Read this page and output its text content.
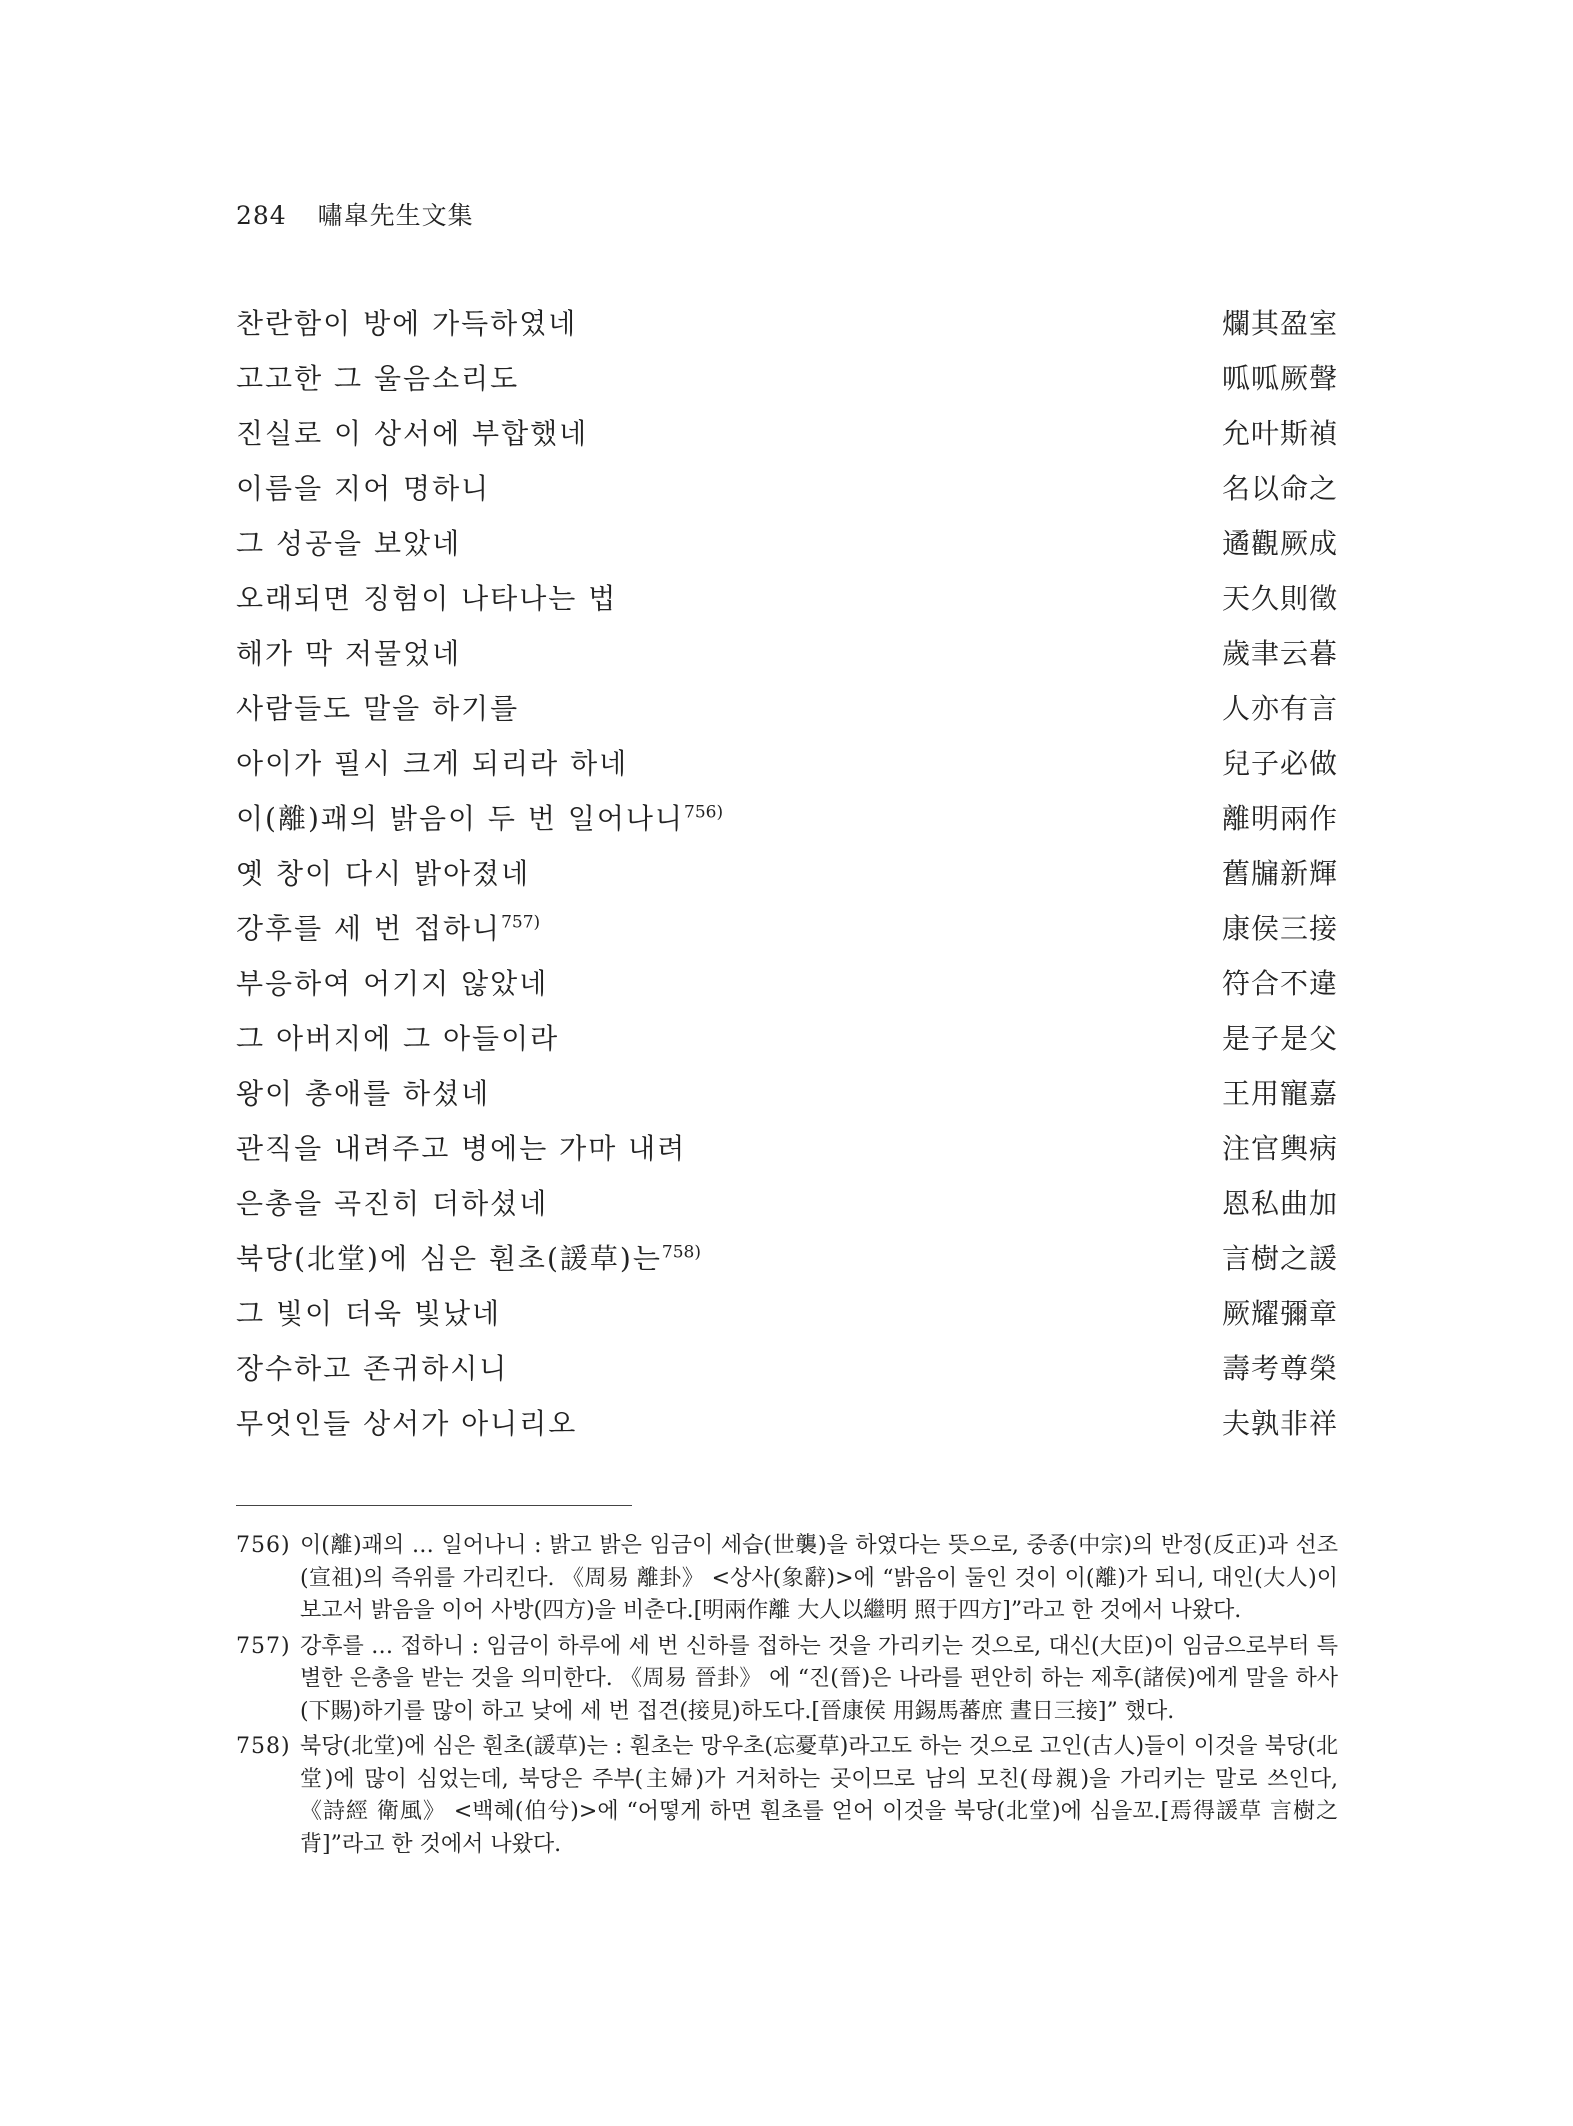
284 嘯皐先生文集
찬란함이 방에 가득하였네	爛其盈室
고고한 그 울음소리도	呱呱厥聲
진실로 이 상서에 부합했네	允叶斯禎
이름을 지어 명하니	名以命之
그 성공을 보았네	遹觀厥成
오래되면 징험이 나타나는 법	天久則徵
해가 막 저물었네	歲聿云暮
사람들도 말을 하기를	人亦有言
아이가 필시 크게 되리라 하네	兒子必做
이(離)괘의 밝음이 두 번 일어나니$^{756)}$	離明兩作
옛 창이 다시 밝아졌네	舊牖新輝
강후를 세 번 접하니$^{757)}$	康侯三接
부응하여 어기지 않았네	符合不違
그 아버지에 그 아들이라	是子是父
왕이 총애를 하셨네	王用寵嘉
관직을 내려주고 병에는 가마 내려	注官輿病
은총을 곡진히 더하셨네	恩私曲加
북당(北堂)에 심은 훤초(諼草)는$^{758)}$	言樹之諼
그 빛이 더욱 빛났네	厥耀彌章
장수하고 존귀하시니	壽考尊榮
무엇인들 상서가 아니리오	夫孰非祥
756) 이(離)괘의 … 일어나니 : 밝고 밝은 임금이 세습(世襲)을 하였다는 뜻으로, 중종(中宗)의 반정(反正)과 선조(宣祖)의 즉위를 가리킨다. 《周易 離卦》 <상사(象辭)>에 “밝음이 둘인 것이 이(離)가 되니, 대인(大人)이 보고서 밝음을 이어 사방(四方)을 비춘다.[明兩作離 大人以繼明 照于四方]”라고 한 것에서 나왔다.
757) 강후를 … 접하니 : 임금이 하루에 세 번 신하를 접하는 것을 가리키는 것으로, 대신(大臣)이 임금으로부터 특별한 은총을 받는 것을 의미한다. 《周易 晉卦》 에 “진(晉)은 나라를 편안히 하는 제후(諸侯)에게 말을 하사(下賜)하기를 많이 하고 낮에 세 번 접견(接見)하도다.[晉康侯 用錫馬蕃庶 晝日三接]” 했다.
758) 북당(北堂)에 심은 훤초(諼草)는 : 훤초는 망우초(忘憂草)라고도 하는 것으로 고인(古人)들이 이것을 북당(北堂)에 많이 심었는데, 북당은 주부(主婦)가 거처하는 곳이므로 남의 모친(母親)을 가리키는 말로 쓰인다, 《詩經 衛風》 <백혜(伯兮)>에 “어떻게 하면 훤초를 얻어 이것을 북당(北堂)에 심을꼬.[焉得諼草 言樹之背]”라고 한 것에서 나왔다.
